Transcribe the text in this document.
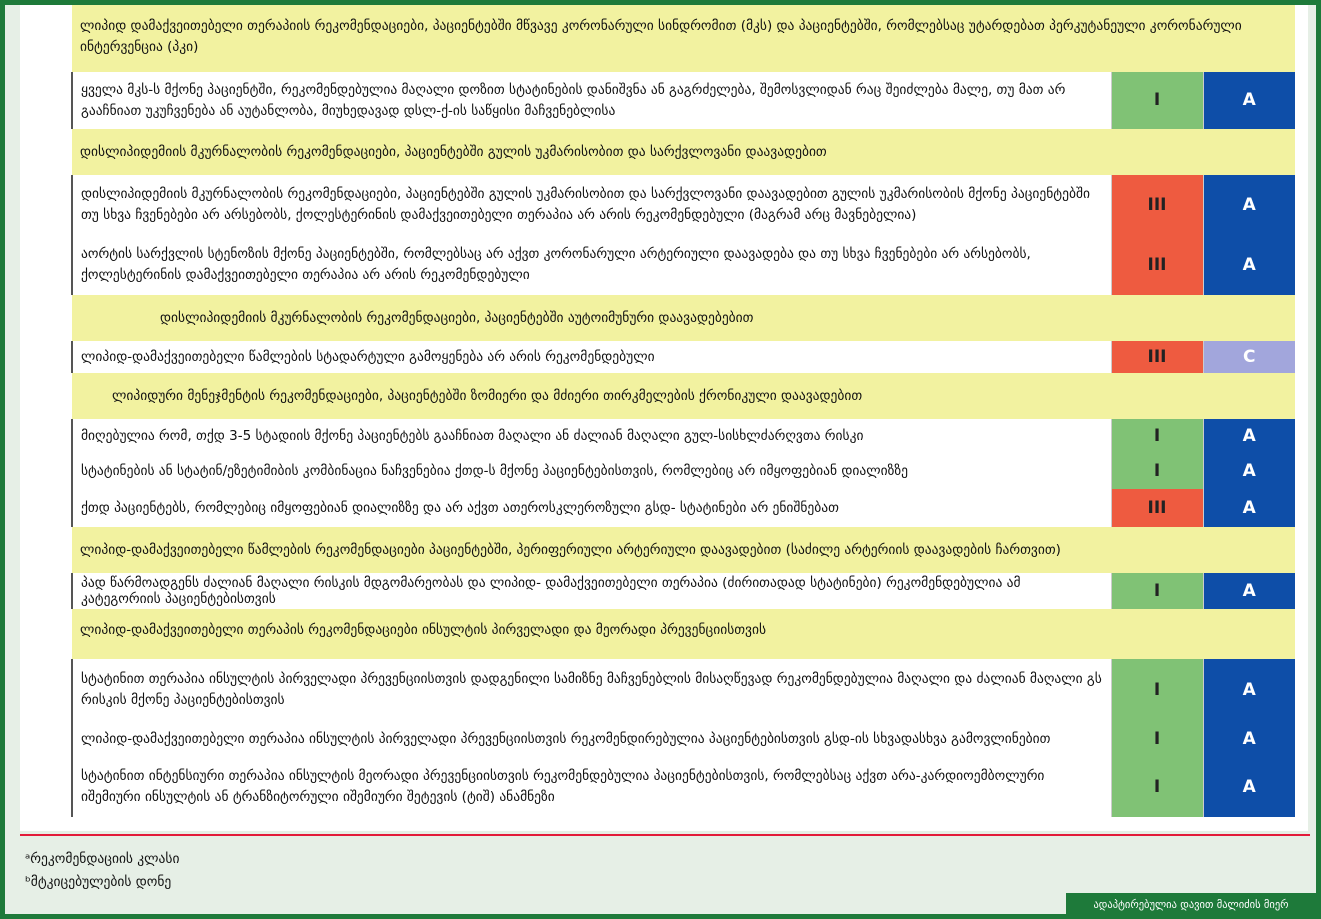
ლიპიდ დამაქვეითებელი თერაპიის რეკომენდაციები, პაციენტებში მწვავე კორონარული სინდრომით (მკს) და პაციენტებში, რომლებსაც უტარდებათ პერკუტანეული კორონარული ინტერვენცია (პკი)		

ყველა მკს-ს მქონე პაციენტში, რეკომენდებულია მაღალი დოზით სტატინების დანიშვნა ან გაგრძელება, შემოსვლიდან რაც შეიძლება მალე, თუ მათ არ გააჩნიათ უკუჩვენება ან აუტანლობა, მიუხედავად დსლ-ქ-ის საწყისი მაჩვენებლისა	I	A
დისლიპიდემიის მკურნალობის რეკომენდაციები, პაციენტებში გულის უკმარისობით და სარქვლოვანი დაავადებით		
დისლიპიდემიის მკურნალობის რეკომენდაციები, პაციენტებში გულის უკმარისობით და სარქვლოვანი დაავადებით გულის უკმარისობის მქონე პაციენტებში თუ სხვა ჩვენებები არ არსებობს, ქოლესტერინის დამაქვეითებელი თერაპია არ არის რეკომენდებული (მაგრამ არც მავნებელია)	III	A
აორტის სარქვლის სტენოზის მქონე პაციენტებში, რომლებსაც არ აქვთ კორონარული არტერიული დაავადება და თუ სხვა ჩვენებები არ არსებობს, ქოლესტერინის დამაქვეითებელი თერაპია არ არის რეკომენდებული	III	A
დისლიპიდემიის მკურნალობის რეკომენდაციები, პაციენტებში აუტოიმუნური დაავადებებით		
ლიპიდ-დამაქვეითებელი წამლების სტადარტული გამოყენება არ არის რეკომენდებული	III	C
ლიპიდური მენეჯმენტის რეკომენდაციები, პაციენტებში ზომიერი და მძიერი თირკმელების ქრონიკული დაავადებით		
მიღებულია რომ, თქდ 3-5 სტადიის მქონე პაციენტებს გააჩნიათ მაღალი ან ძალიან მაღალი გულ-სისხლძარღვთა რისკი	I	A
სტატინების ან სტატინ/ეზეტიმიბის კომბინაცია ნაჩვენებია ქთდ-ს მქონე პაციენტებისთვის, რომლებიც არ იმყოფებიან დიალიზზე	I	A
ქთდ პაციენტებს, რომლებიც იმყოფებიან დიალიზზე და არ აქვთ ათეროსკლეროზული გსდ- სტატინები არ ენიშნებათ	III	A
ლიპიდ-დამაქვეითებელი წამლების რეკომენდაციები პაციენტებში, პერიფერიული არტერიული დაავადებით (საძილე არტერიის დაავადების ჩართვით)		
პად წარმოადგენს ძალიან მაღალი რისკის მდგომარეობას და ლიპიდ- დამაქვეითებელი თერაპია (ძირითადად სტატინები) რეკომენდებულია ამ კატეგორიის პაციენტებისთვის	I	A
ლიპიდ-დამაქვეითებელი თერაპის რეკომენდაციები ინსულტის პირველადი და მეორადი პრევენციისთვის		

სტატინით თერაპია ინსულტის პირველადი პრევენციისთვის დადგენილი სამიზნე მაჩვენებლის მისაღწევად რეკომენდებულია მაღალი და ძალიან მაღალი გს რისკის მქონე პაციენტებისთვის	I	A
ლიპიდ-დამაქვეითებელი თერაპია ინსულტის პირველადი პრევენციისთვის რეკომენდირებულია პაციენტებისთვის გსდ-ის სხვადასხვა გამოვლინებით	I	A
სტატინით ინტენსიური თერაპია ინსულტის მეორადი პრევენციისთვის რეკომენდებულია პაციენტებისთვის, რომლებსაც აქვთ არა-კარდიოემბოლური იშემიური ინსულტის ან ტრანზიტორული იშემიური შეტევის (ტიშ) ანამნეზი	I	A
ᵃრეკომენდაციის კლასი
ᵇმტკიცებულების დონე
ადაპტირებულია დავით მალიძის მიერ
